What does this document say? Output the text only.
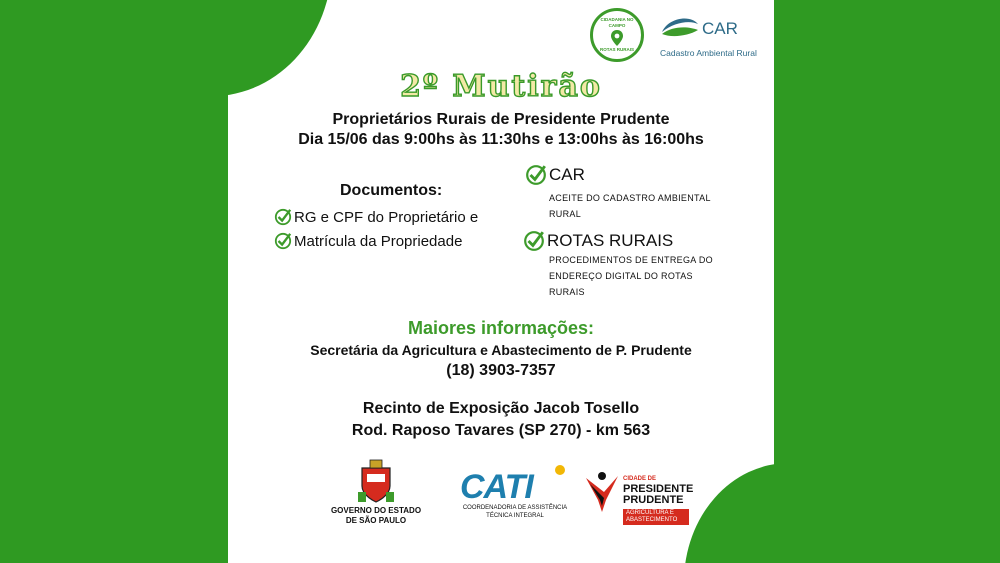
CIDADANIA NO CAMPO
ROTAS RURAIS
CAR
Cadastro Ambiental Rural
2º Mutirão
Proprietários Rurais de Presidente Prudente
Dia 15/06 das 9:00hs às 11:30hs e 13:00hs às 16:00hs
Documentos:
RG e CPF do Proprietário e
Matrícula da Propriedade
CAR
ACEITE DO CADASTRO AMBIENTAL
RURAL
ROTAS RURAIS
PROCEDIMENTOS DE ENTREGA DO
ENDEREÇO DIGITAL DO ROTAS
RURAIS
Maiores informações:
Secretária da Agricultura e Abastecimento de P. Prudente
(18) 3903-7357
Recinto de Exposição Jacob Tosello
Rod. Raposo Tavares (SP 270) - km 563
GOVERNO DO ESTADO
DE SÃO PAULO
CATI
COORDENADORIA DE ASSISTÊNCIA
TÉCNICA INTEGRAL
CIDADE DE
PRESIDENTE
PRUDENTE
AGRICULTURA E
ABASTECIMENTO
